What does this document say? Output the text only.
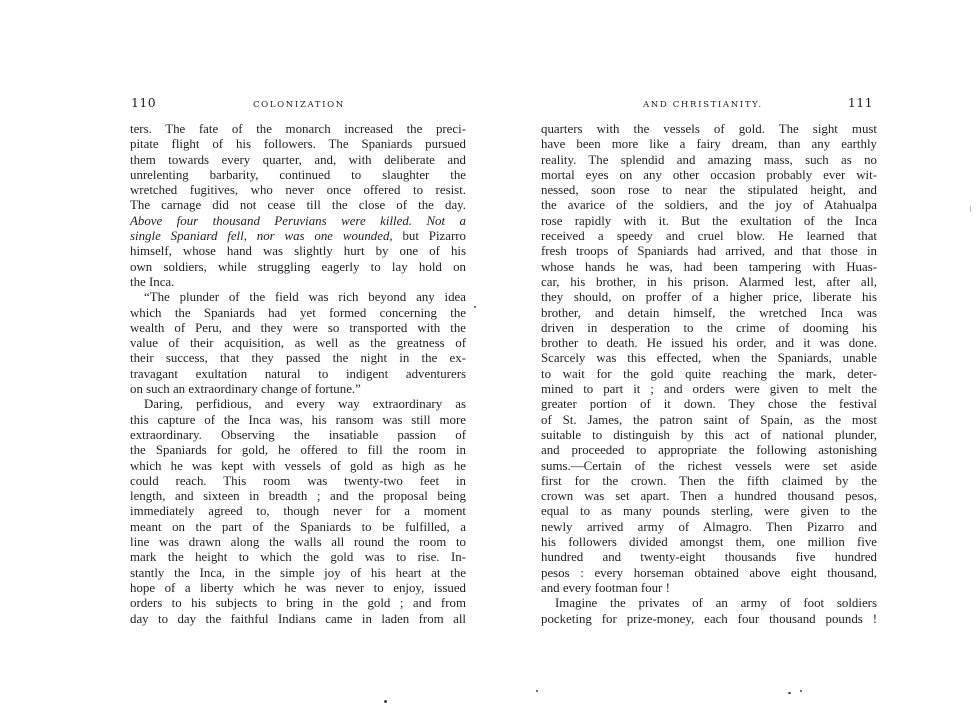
110	COLONIZATION
ters. The fate of the monarch increased the preci-
pitate flight of his followers. The Spaniards pursued
them towards every quarter, and, with deliberate and
unrelenting barbarity, continued to slaughter the
wretched fugitives, who never once offered to resist.
The carnage did not cease till the close of the day.
Above four thousand Peruvians were killed. Not a
single Spaniard fell, nor was one wounded, but Pizarro
himself, whose hand was slightly hurt by one of his
own soldiers, while struggling eagerly to lay hold on
the Inca.
“The plunder of the field was rich beyond any idea
which the Spaniards had yet formed concerning the
wealth of Peru, and they were so transported with the
value of their acquisition, as well as the greatness of
their success, that they passed the night in the ex-
travagant exultation natural to indigent adventurers
on such an extraordinary change of fortune.”
Daring, perfidious, and every way extraordinary as
this capture of the Inca was, his ransom was still more
extraordinary. Observing the insatiable passion of
the Spaniards for gold, he offered to fill the room in
which he was kept with vessels of gold as high as he
could reach. This room was twenty-two feet in
length, and sixteen in breadth ; and the proposal being
immediately agreed to, though never for a moment
meant on the part of the Spaniards to be fulfilled, a
line was drawn along the walls all round the room to
mark the height to which the gold was to rise. In-
stantly the Inca, in the simple joy of his heart at the
hope of a liberty which he was never to enjoy, issued
orders to his subjects to bring in the gold ; and from
day to day the faithful Indians came in laden from all
AND CHRISTIANITY.	111
quarters with the vessels of gold. The sight must
have been more like a fairy dream, than any earthly
reality. The splendid and amazing mass, such as no
mortal eyes on any other occasion probably ever wit-
nessed, soon rose to near the stipulated height, and
the avarice of the soldiers, and the joy of Atahualpa
rose rapidly with it. But the exultation of the Inca
received a speedy and cruel blow. He learned that
fresh troops of Spaniards had arrived, and that those in
whose hands he was, had been tampering with Huas-
car, his brother, in his prison. Alarmed lest, after all,
they should, on proffer of a higher price, liberate his
brother, and detain himself, the wretched Inca was
driven in desperation to the crime of dooming his
brother to death. He issued his order, and it was done.
Scarcely was this effected, when the Spaniards, unable
to wait for the gold quite reaching the mark, deter-
mined to part it ; and orders were given to melt the
greater portion of it down. They chose the festival
of St. James, the patron saint of Spain, as the most
suitable to distinguish by this act of national plunder,
and proceeded to appropriate the following astonishing
sums.—Certain of the richest vessels were set aside
first for the crown. Then the fifth claimed by the
crown was set apart. Then a hundred thousand pesos,
equal to as many pounds sterling, were given to the
newly arrived army of Almagro. Then Pizarro and
his followers divided amongst them, one million five
hundred and twenty-eight thousands five hundred
pesos : every horseman obtained above eight thousand,
and every footman four !
Imagine the privates of an army of foot soldiers
pocketing for prize-money, each four thousand pounds !
